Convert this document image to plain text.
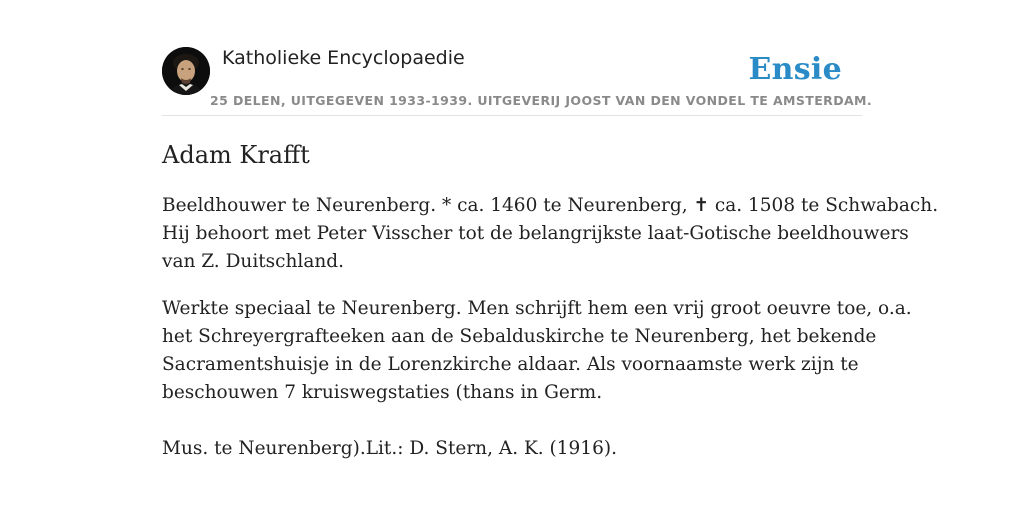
Katholieke Encyclopaedie	Ensie
25 DELEN, UITGEGEVEN 1933-1939. UITGEVERIJ JOOST VAN DEN VONDEL TE AMSTERDAM.
Adam Krafft

Beeldhouwer te Neurenberg. * ca. 1460 te Neurenberg, ✝ ca. 1508 te Schwabach.
Hij behoort met Peter Visscher tot de belangrijkste laat-Gotische beeldhouwers
van Z. Duitschland.

Werkte speciaal te Neurenberg. Men schrijft hem een vrij groot oeuvre toe, o.a.
het Schreyergrafteeken aan de Sebalduskirche te Neurenberg, het bekende
Sacramentshuisje in de Lorenzkirche aldaar. Als voornaamste werk zijn te
beschouwen 7 kruiswegstaties (thans in Germ.

Mus. te Neurenberg).Lit.: D. Stern, A. K. (1916).
